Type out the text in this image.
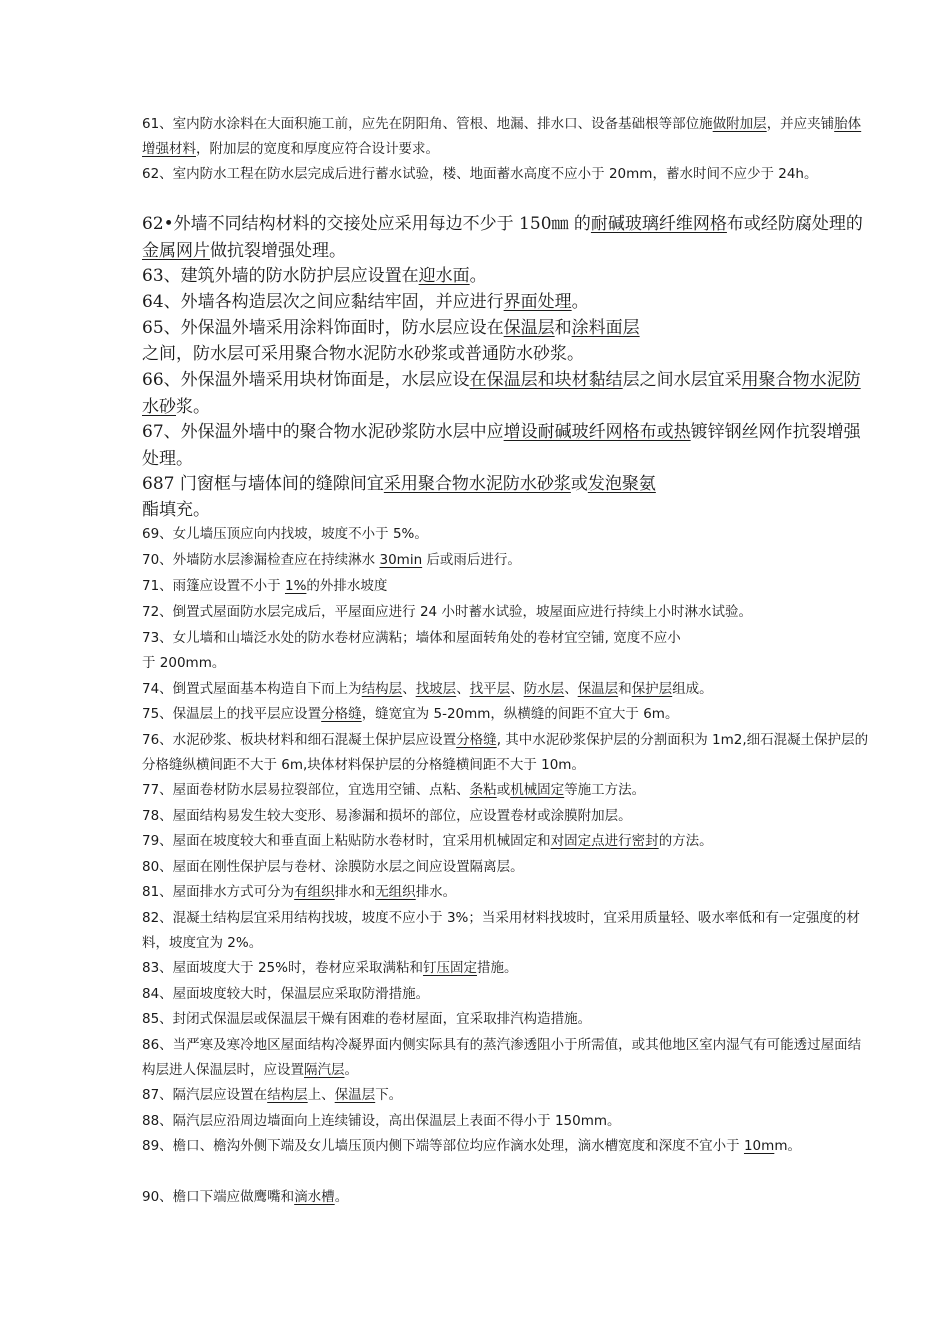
61、室内防水涂料在大面积施工前，应先在阴阳角、管根、地漏、排水口、设备基础根等部位施做附加层，并应夹铺胎体增强材料，附加层的宽度和厚度应符合设计要求。
62、室内防水工程在防水层完成后进行蓄水试验，楼、地面蓄水高度不应小于 20mm，蓄水时间不应少于 24h。
62•外墙不同结构材料的交接处应采用每边不少于 150㎜ 的耐碱玻璃纤维网格布或经防腐处理的金属网片做抗裂增强处理。
63、建筑外墙的防水防护层应设置在迎水面。
64、外墙各构造层次之间应黏结牢固，并应进行界面处理。
65、外保温外墙采用涂料饰面时，防水层应设在保温层和涂料面层
之间，防水层可采用聚合物水泥防水砂浆或普通防水砂浆。
66、外保温外墙采用块材饰面是，水层应设在保温层和块材黏结层之间水层宜采用聚合物水泥防水砂浆。
67、外保温外墙中的聚合物水泥砂浆防水层中应增设耐碱玻纤网格布或热镀锌钢丝网作抗裂增强处理。
687 门窗框与墙体间的缝隙间宜采用聚合物水泥防水砂浆或发泡聚氨
酯填充。
69、女儿墙压顶应向内找坡，坡度不小于 5%。
70、外墙防水层渗漏检查应在持续淋水 30min 后或雨后进行。
71、雨篷应设置不小于 1%的外排水坡度
72、倒置式屋面防水层完成后，平屋面应进行 24 小时蓄水试验，坡屋面应进行持续上小时淋水试验。
73、女儿墙和山墙泛水处的防水卷材应满粘；墙体和屋面转角处的卷材宜空铺, 宽度不应小
于 200mm。
74、倒置式屋面基本构造自下而上为结构层、找坡层、找平层、防水层、保温层和保护层组成。
75、保温层上的找平层应设置分格缝，缝宽宜为 5-20mm，纵横缝的间距不宜大于 6m。
76、水泥砂浆、板块材料和细石混凝土保护层应设置分格缝, 其中水泥砂浆保护层的分割面积为 1m2,细石混凝土保护层的分格缝纵横间距不大于 6m,块体材料保护层的分格缝横间距不大于 10m。
77、屋面卷材防水层易拉裂部位，宜选用空铺、点粘、条粘或机械固定等施工方法。
78、屋面结构易发生较大变形、易渗漏和损坏的部位，应设置卷材或涂膜附加层。
79、屋面在坡度较大和垂直面上粘贴防水卷材时，宜采用机械固定和对固定点进行密封的方法。
80、屋面在刚性保护层与卷材、涂膜防水层之间应设置隔离层。
81、屋面排水方式可分为有组织排水和无组织排水。
82、混凝土结构层宜采用结构找坡，坡度不应小于 3%；当采用材料找坡时，宜采用质量轻、吸水率低和有一定强度的材料，坡度宜为 2%。
83、屋面坡度大于 25%时，卷材应采取满粘和钉压固定措施。
84、屋面坡度较大时，保温层应采取防滑措施。
85、封闭式保温层或保温层干燥有困难的卷材屋面，宜采取排汽构造措施。
86、当严寒及寒冷地区屋面结构冷凝界面内侧实际具有的蒸汽渗透阻小于所需值，或其他地区室内湿气有可能透过屋面结构层进人保温层时，应设置隔汽层。
87、隔汽层应设置在结构层上、保温层下。
88、隔汽层应沿周边墙面向上连续铺设，高出保温层上表面不得小于 150mm。
89、檐口、檐沟外侧下端及女儿墙压顶内侧下端等部位均应作滴水处理，滴水槽宽度和深度不宜小于 10mm。
90、檐口下端应做鹰嘴和滴水槽。
